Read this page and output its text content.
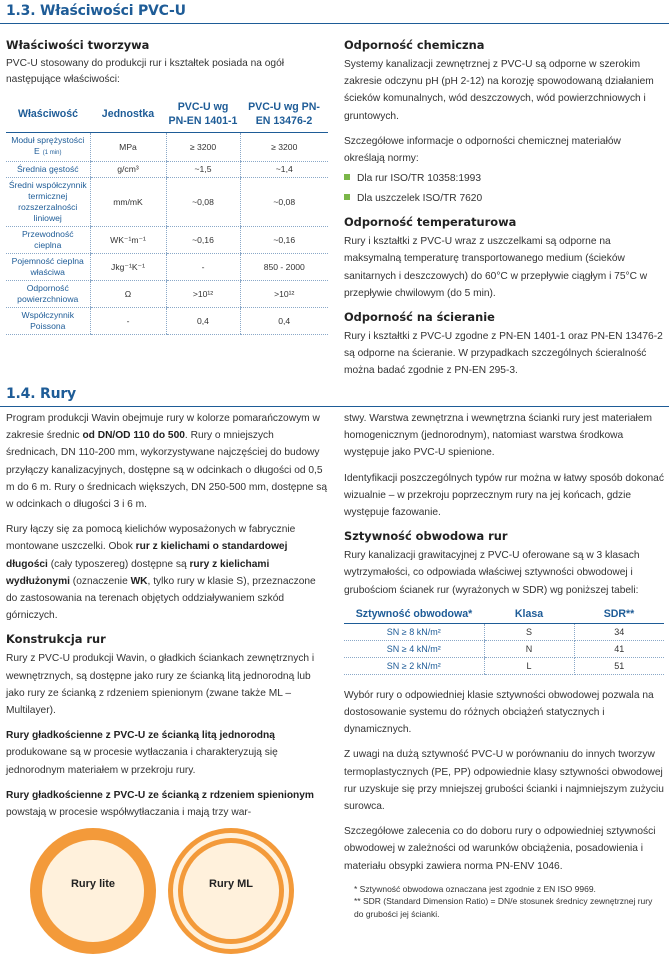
1.3. Właściwości PVC-U
Właściwości tworzywa

PVC-U stosowany do produkcji rur i kształtek posiada na ogół następujące właściwości:

Właściwość	Jednostka	PVC-U wg PN-EN 1401-1	PVC-U wg PN-EN 13476-2
Moduł sprężystości E (1 min)	MPa	≥ 3200	≥ 3200
Średnia gęstość	g/cm³	~1,5	~1,4
Średni współczynnik termicznej rozszerzalności liniowej	mm/mK	~0,08	~0,08
Przewodność cieplna	WK⁻¹m⁻¹	~0,16	~0,16
Pojemność cieplna właściwa	Jkg⁻¹K⁻¹	-	850 - 2000
Odporność powierzchniowa	Ω	>10¹²	>10¹²
Współczynnik Poissona	-	0,4	0,4
Odporność chemiczna

Systemy kanalizacji zewnętrznej z PVC-U są odporne w szerokim zakresie odczynu pH (pH 2-12) na korozję spowodowaną działaniem ścieków komunalnych, wód deszczowych, wód powierzchniowych i gruntowych.

Szczegółowe informacje o odporności chemicznej materiałów określają normy:

Dla rur ISO/TR 10358:1993
Dla uszczelek ISO/TR 7620
Odporność temperaturowa

Rury i kształtki z PVC-U wraz z uszczelkami są odporne na maksymalną temperaturę transportowanego medium (ścieków sanitarnych i deszczowych) do 60°C w przepływie ciągłym i 75°C w przepływie chwilowym (do 5 min).

Odporność na ścieranie

Rury i kształtki z PVC-U zgodne z PN-EN 1401-1 oraz PN-EN 13476-2 są odporne na ścieranie. W przypadkach szczególnych ścieralność można badać zgodnie z PN-EN 295-3.

1.4. Rury

Program produkcji Wavin obejmuje rury w kolorze pomarańczowym w zakresie średnic od DN/OD 110 do 500. Rury o mniejszych średnicach, DN 110-200 mm, wykorzystywane najczęściej do budowy przyłączy kanalizacyjnych, dostępne są w odcinkach o długości od 0,5 m do 6 m. Rury o średnicach większych, DN 250-500 mm, dostępne są w odcinkach o długości 3 i 6 m.

Rury łączy się za pomocą kielichów wyposażonych w fabrycznie montowane uszczelki. Obok rur z kielichami o standardowej długości (cały typoszereg) dostępne są rury z kielichami wydłużonymi (oznaczenie WK, tylko rury w klasie S), przeznaczone do zastosowania na terenach objętych oddziaływaniem szkód górniczych.

Konstrukcja rur

Rury z PVC-U produkcji Wavin, o gładkich ściankach zewnętrznych i wewnętrznych, są dostępne jako rury ze ścianką litą jednorodną lub jako rury ze ścianką z rdzeniem spienionym (zwane także ML – Multilayer).

Rury gładkościenne z PVC-U ze ścianką litą jednorodną produkowane są w procesie wytłaczania i charakteryzują się jednorodnym materiałem w przekroju rury.

Rury gładkościenne z PVC-U ze ścianką z rdzeniem spienionym powstają w procesie współwytłaczania i mają trzy war-

Rury lite	Rury ML

stwy. Warstwa zewnętrzna i wewnętrzna ścianki rury jest materiałem homogenicznym (jednorodnym), natomiast warstwa środkowa występuje jako PVC-U spienione.

Identyfikacji poszczególnych typów rur można w łatwy sposób dokonać wizualnie – w przekroju poprzecznym rury na jej końcach, gdzie występuje fazowanie.

Sztywność obwodowa rur

Rury kanalizacji grawitacyjnej z PVC-U oferowane są w 3 klasach wytrzymałości, co odpowiada właściwej sztywności obwodowej i grubościom ścianek rur (wyrażonych w SDR) wg poniższej tabeli:

Sztywność obwodowa*	Klasa	SDR**
SN ≥ 8 kN/m²	S	34
SN ≥ 4 kN/m²	N	41
SN ≥ 2 kN/m²	L	51

Wybór rury o odpowiedniej klasie sztywności obwodowej pozwala na dostosowanie systemu do różnych obciążeń statycznych i dynamicznych.

Z uwagi na dużą sztywność PVC-U w porównaniu do innych tworzyw termoplastycznych (PE, PP) odpowiednie klasy sztywności obwodowej rur uzyskuje się przy mniejszej grubości ścianki i najmniejszym zużyciu surowca.

Szczegółowe zalecenia co do doboru rury o odpowiedniej sztywności obwodowej w zależności od warunków obciążenia, posadowienia i materiału obsypki zawiera norma PN-ENV 1046.

* Sztywność obwodowa oznaczana jest zgodnie z EN ISO 9969.
** SDR (Standard Dimension Ratio) = DN/e stosunek średnicy zewnętrznej rury do grubości jej ścianki.
